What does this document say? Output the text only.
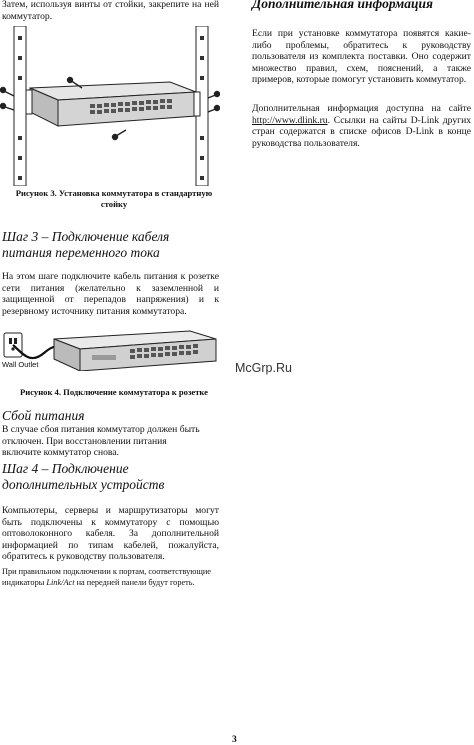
Затем, используя винты от стойки, закрепите на ней коммутатор.

Рисунок 3. Установка коммутатора в стандартную стойку
Шаг 3 – Подключение кабеля питания переменного тока

На этом шаге подключите кабель питания к розетке сети питания (желательно к заземленной и защищенной от перепадов напряжения) и к резервному источнику питания коммутатора.

Wall Outlet
Рисунок 4. Подключение коммутатора к розетке
Сбой питания

В случае сбоя питания коммутатор должен быть отключен. При восстановлении питания включите коммутатор снова.

Шаг 4 – Подключение дополнительных устройств

Компьютеры, серверы и маршрутизаторы могут быть подключены к коммутатору с помощью оптоволоконного кабеля. За дополнительной информацией по типам кабелей, пожалуйста, обратитесь к руководству пользователя.

При правильном подключении к портам, соответствующие индикаторы Link/Act на передней панели будут гореть.

Дополнительная информация

Если при установке коммутатора появятся какие-либо проблемы, обратитесь к руководству пользователя из комплекта поставки. Оно содержит множество правил, схем, пояснений, а также примеров, которые помогут установить коммутатор.

Дополнительная информация доступна на сайте http://www.dlink.ru. Ссылки на сайты D-Link других стран содержатся в списке офисов D-Link в конце руководства пользователя.

McGrp.Ru
3
